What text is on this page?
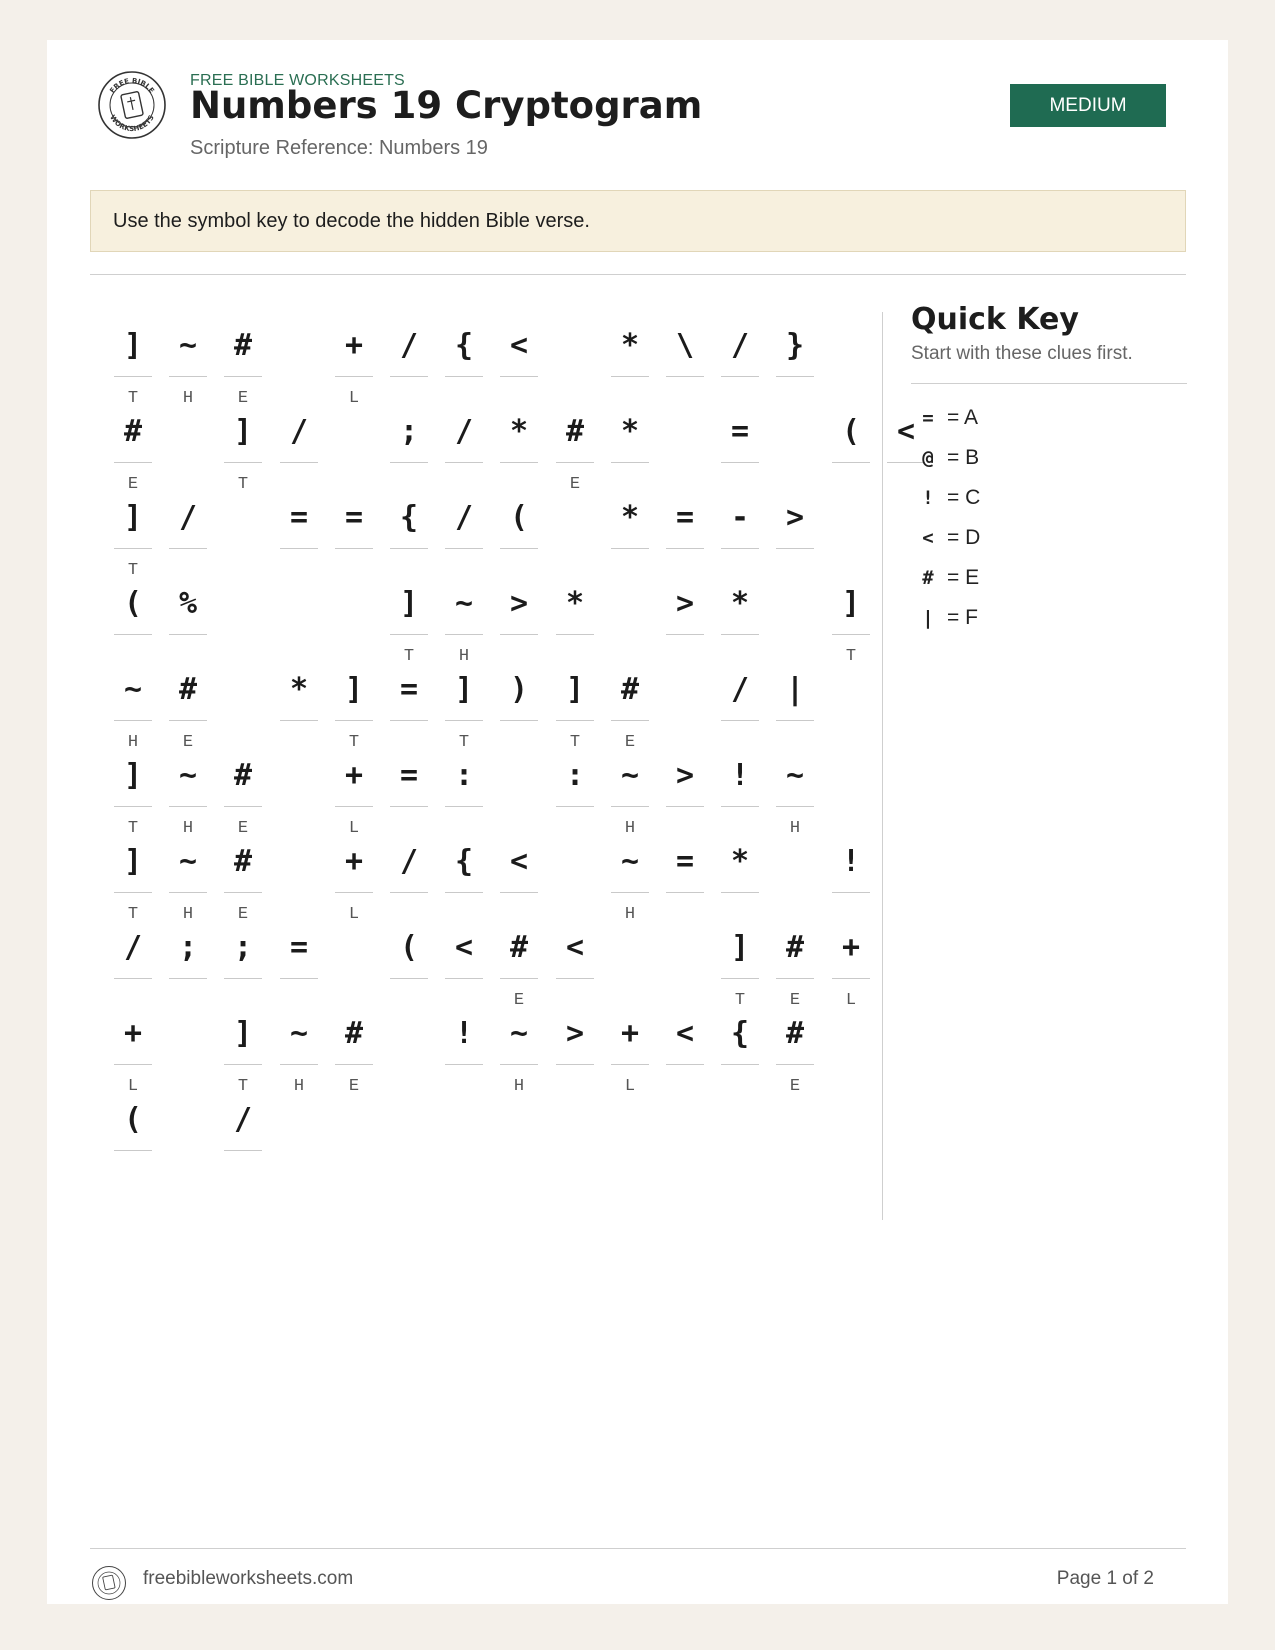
FREE BIBLE
WORKSHEETS
FREE BIBLE WORKSHEETS
Numbers 19 Cryptogram
Scripture Reference: Numbers 19
MEDIUM
Use the symbol key to decode the hidden Bible verse.
]
T
~
H
#
E
+
L
/	{	<	*	\	/	}
#
E
]
T
/	;	/	*	#
E
*	=	(	<
]
T
/	=	=	{	/	(	*	=	-	>
(	%	]
T
~
H
>	*	>	*	]
T
~
H
#
E
*	]
T
=	]
T
)	]
T
#
E
/	|
]
T
~
H
#
E
+
L
=	:	:	~
H
>	!	~
H
]
T
~
H
#
E
+
L
/	{	<	~
H
=	*	!
/	;	;	=	(	<	#
E
<	]
T
#
E
+
L
+
L
]
T
~
H
#
E
!	~
H
>	+
L
<	{	#
E
(	/
Quick Key
Start with these clues first.
= = A
@ = B
! = C
< = D
# = E
| = F
freebibleworksheets.com	Page 1 of 2
